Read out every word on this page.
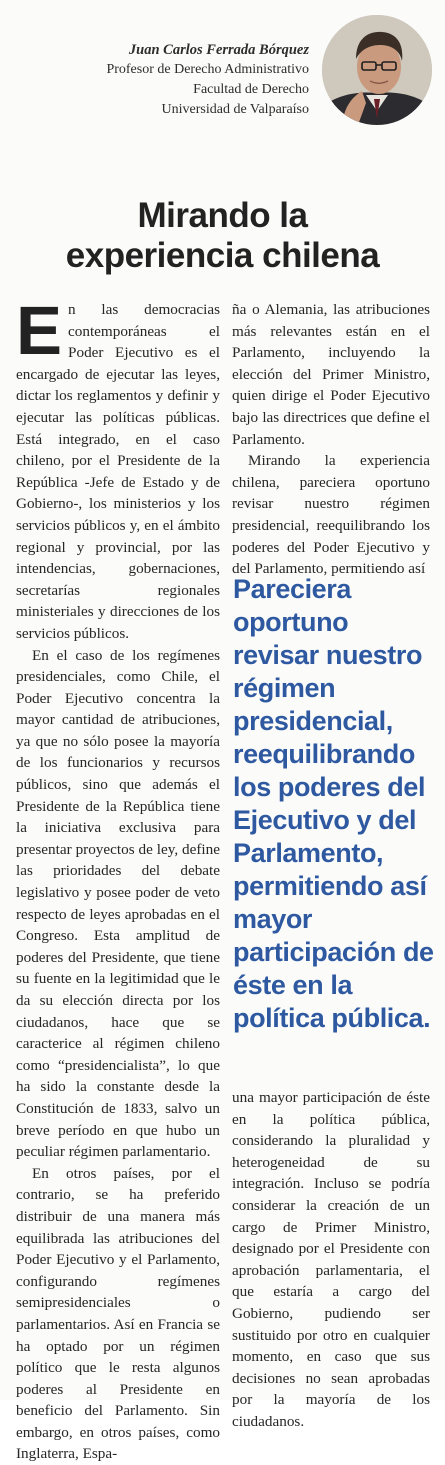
Juan Carlos Ferrada Bórquez
Profesor de Derecho Administrativo
Facultad de Derecho
Universidad de Valparaíso
Mirando la
experiencia chilena

En las democracias contemporáneas el Poder Ejecutivo es el encargado de ejecutar las leyes, dictar los reglamentos y definir y ejecutar las políticas públicas. Está integrado, en el caso chileno, por el Presidente de la República -Jefe de Estado y de Gobierno-, los ministerios y los servicios públicos y, en el ámbito regional y provincial, por las intendencias, gobernaciones, secretarías regionales ministeriales y direcciones de los servicios públicos.

En el caso de los regímenes presidenciales, como Chile, el Poder Ejecutivo concentra la mayor cantidad de atribuciones, ya que no sólo posee la mayoría de los funcionarios y recursos públicos, sino que además el Presidente de la República tiene la iniciativa exclusiva para presentar proyectos de ley, define las prioridades del debate legislativo y posee poder de veto respecto de leyes aprobadas en el Congreso. Esta amplitud de poderes del Presidente, que tiene su fuente en la legitimidad que le da su elección directa por los ciudadanos, hace que se caracterice al régimen chileno como “presidencialista”, lo que ha sido la constante desde la Constitución de 1833, salvo un breve período en que hubo un peculiar régimen parlamentario.

En otros países, por el contrario, se ha preferido distribuir de una manera más equilibrada las atribuciones del Poder Ejecutivo y el Parlamento, configurando regímenes semipresidenciales o parlamentarios. Así en Francia se ha optado por un régimen político que le resta algunos poderes al Presidente en beneficio del Parlamento. Sin embargo, en otros países, como Inglaterra, Espa-

ña o Alemania, las atribuciones más relevantes están en el Parlamento, incluyendo la elección del Primer Ministro, quien dirige el Poder Ejecutivo bajo las directrices que define el Parlamento.

Mirando la experiencia chilena, pareciera oportuno revisar nuestro régimen presidencial, reequilibrando los poderes del Poder Ejecutivo y del Parlamento, permitiendo así

Pareciera oportuno revisar nuestro régimen presidencial, reequilibrando los poderes del Ejecutivo y del Parlamento, permitiendo así mayor participación de éste en la política pública.

una mayor participación de éste en la política pública, considerando la pluralidad y heterogeneidad de su integración. Incluso se podría considerar la creación de un cargo de Primer Ministro, designado por el Presidente con aprobación parlamentaria, el que estaría a cargo del Gobierno, pudiendo ser sustituido por otro en cualquier momento, en caso que sus decisiones no sean aprobadas por la mayoría de los ciudadanos.
